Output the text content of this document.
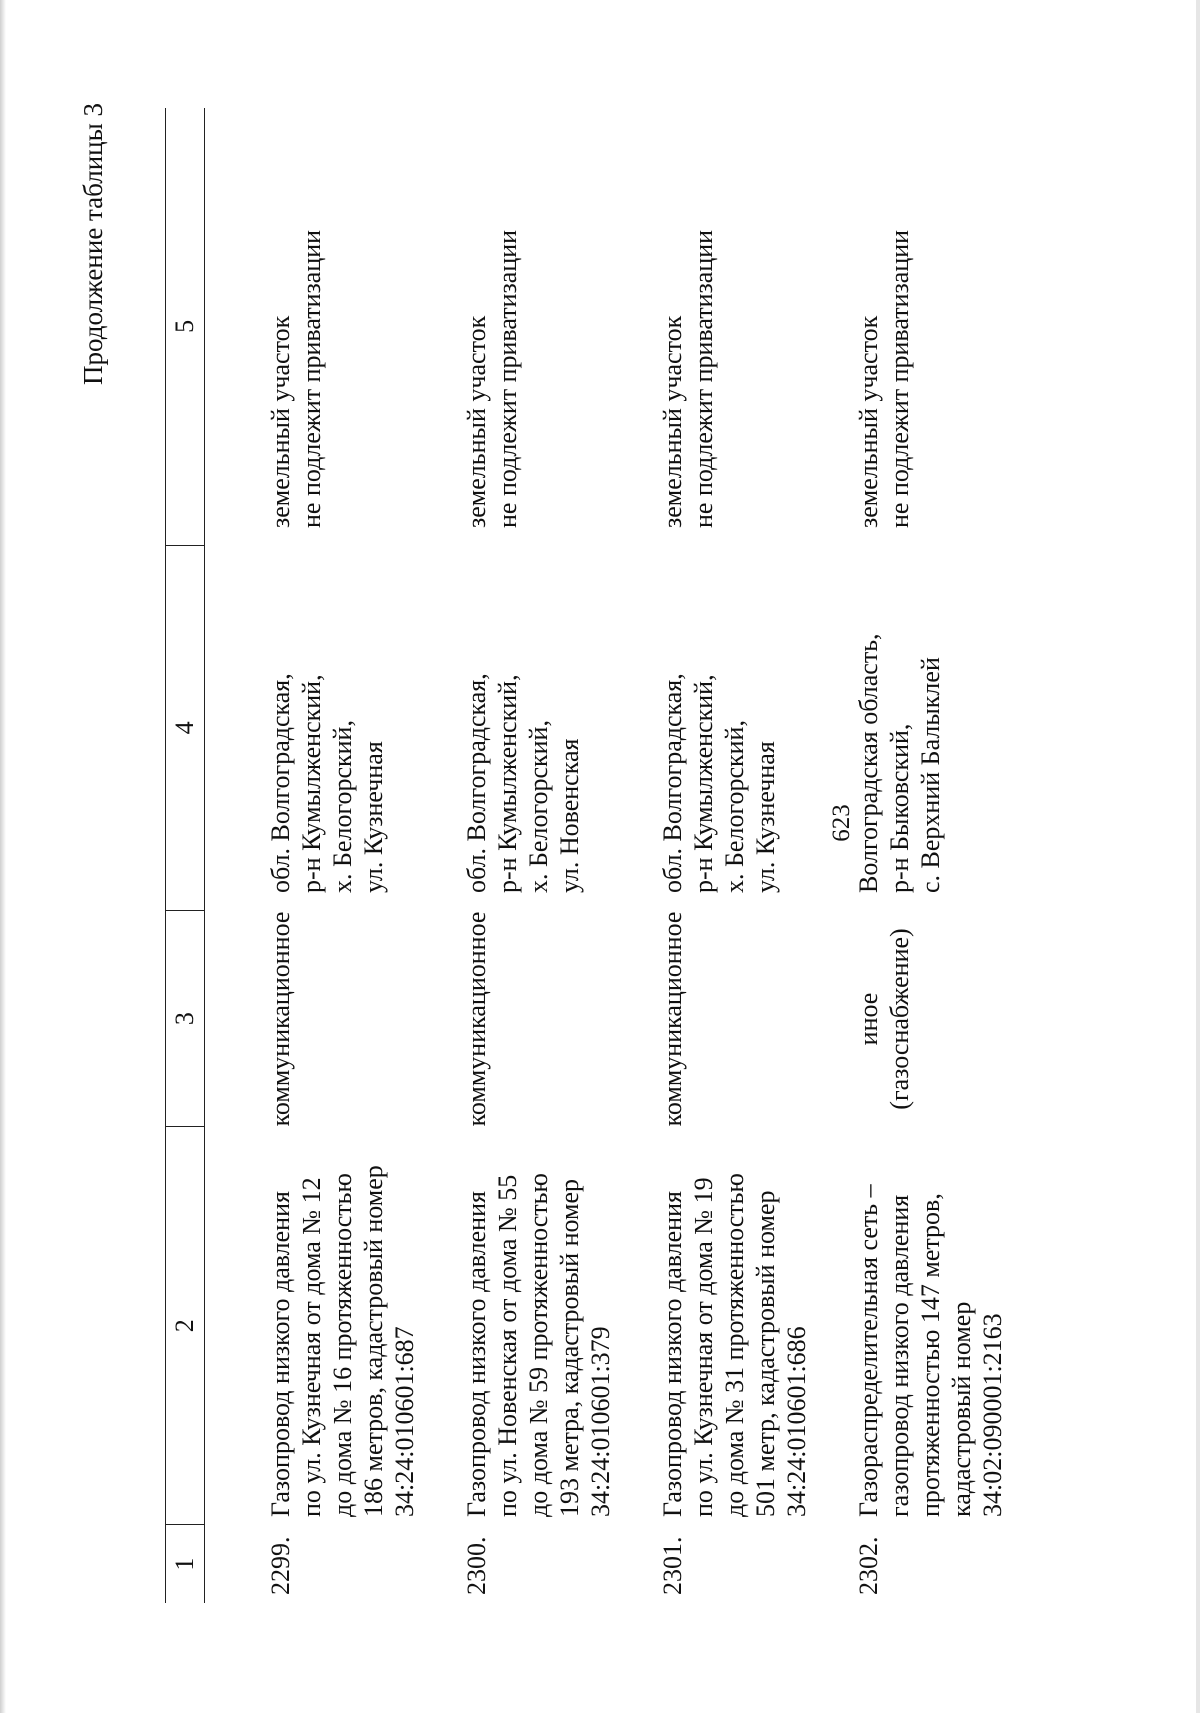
Продолжение таблицы 3
1
2
3
4
5
2299.
Газопровод низкого давления
по ул. Кузнечная от дома № 12
до дома № 16 протяженностью
186 метров, кадастровый номер
34:24:010601:687
коммуникационное
обл. Волгоградская,
р-н Кумылженский,
х. Белогорский,
ул. Кузнечная
земельный участок
не подлежит приватизации
2300.
Газопровод низкого давления
по ул. Новенская от дома № 55
до дома № 59 протяженностью
193 метра, кадастровый номер
34:24:010601:379
коммуникационное
обл. Волгоградская,
р-н Кумылженский,
х. Белогорский,
ул. Новенская
земельный участок
не подлежит приватизации
2301.
Газопровод низкого давления
по ул. Кузнечная от дома № 19
до дома № 31 протяженностью
501 метр, кадастровый номер
34:24:010601:686
коммуникационное
обл. Волгоградская,
р-н Кумылженский,
х. Белогорский,
ул. Кузнечная
земельный участок
не подлежит приватизации
2302.
Газораспределительная сеть –
газопровод низкого давления
протяженностью 147 метров,
кадастровый номер
34:02:090001:2163
иное
(газоснабжение)
Волгоградская область,
р-н Быковский,
с. Верхний Балыклей
земельный участок
не подлежит приватизации
623
